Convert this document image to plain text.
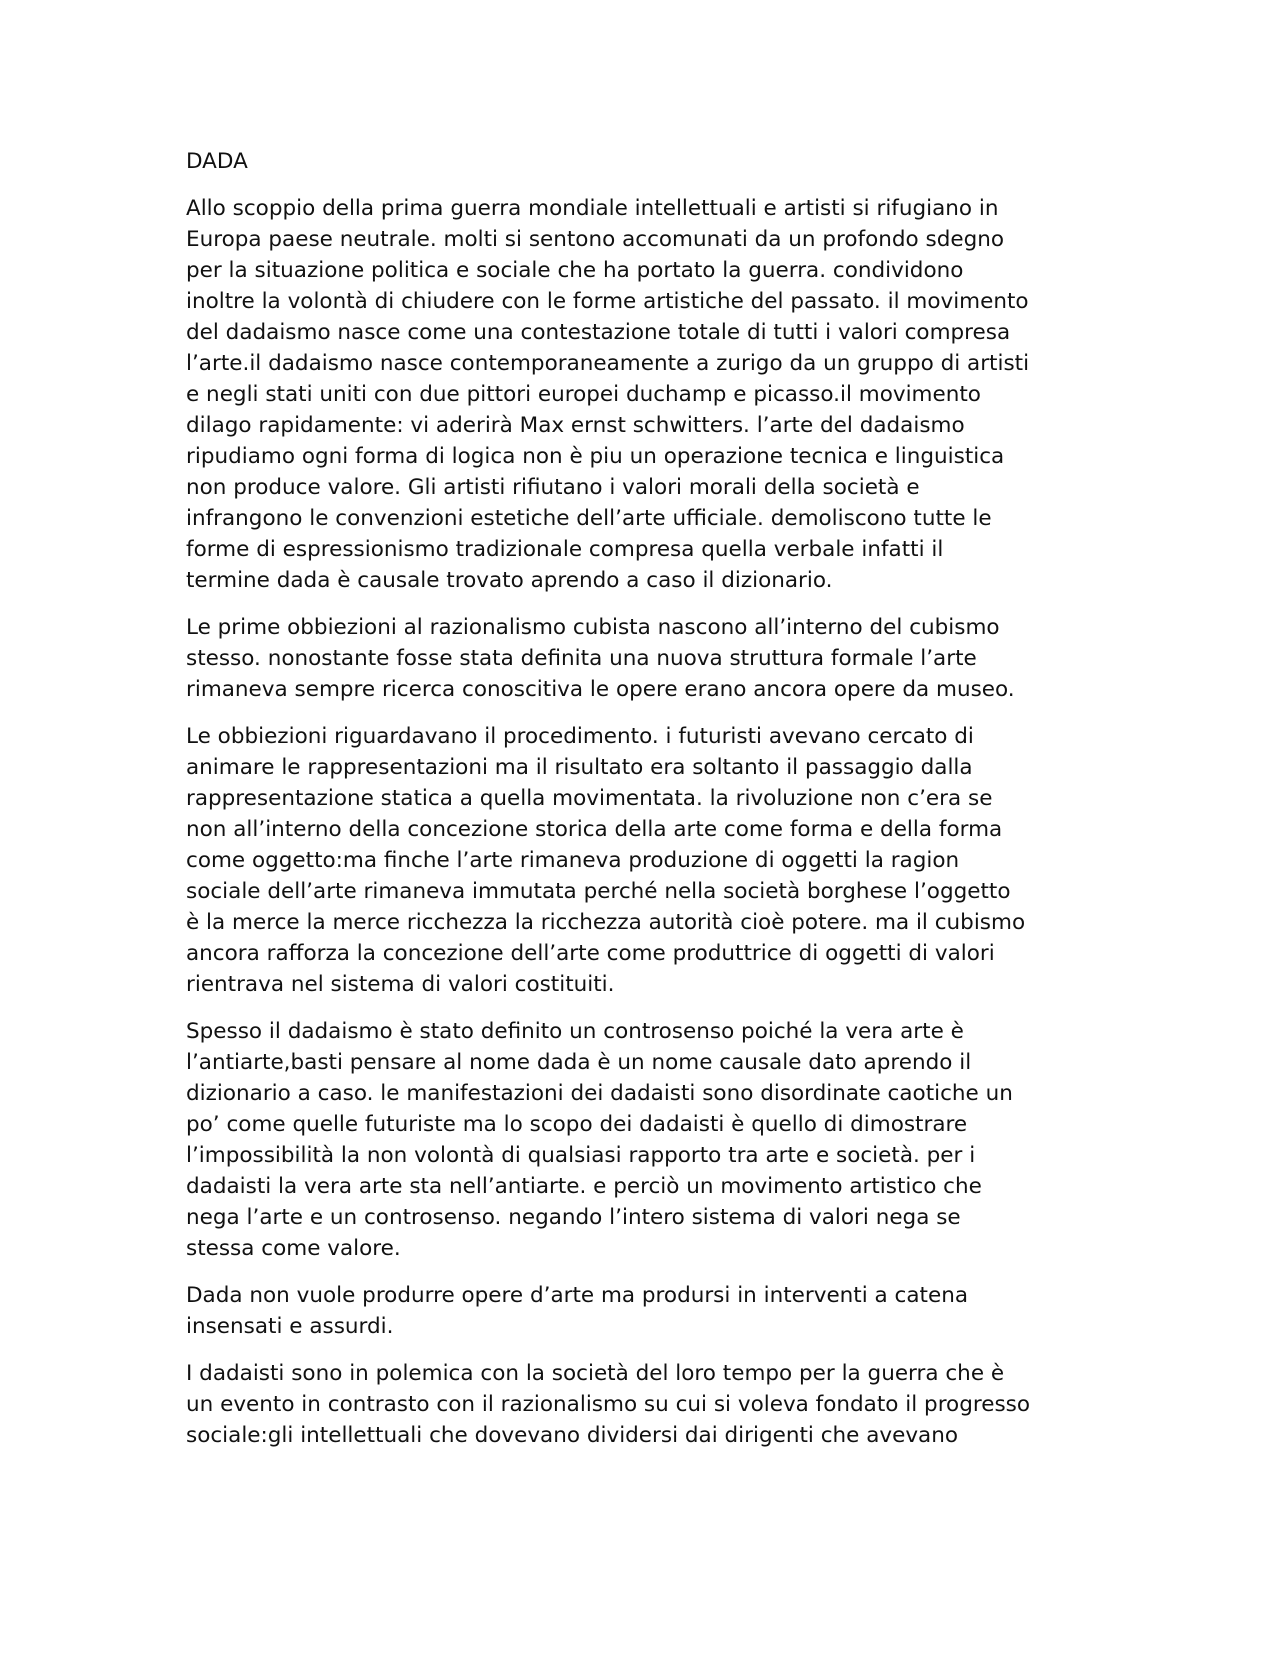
DADA

Allo scoppio della prima guerra mondiale intellettuali e artisti si rifugiano in
Europa paese neutrale. molti si sentono accomunati da un profondo sdegno
per la situazione politica e sociale che ha portato la guerra. condividono
inoltre la volontà di chiudere con le forme artistiche del passato. il movimento
del dadaismo nasce come una contestazione totale di tutti i valori compresa
l’arte.il dadaismo nasce contemporaneamente a zurigo da un gruppo di artisti
e negli stati uniti con due pittori europei duchamp e picasso.il movimento
dilago rapidamente: vi aderirà Max ernst schwitters. l’arte del dadaismo
ripudiamo ogni forma di logica non è piu un operazione tecnica e linguistica
non produce valore. Gli artisti rifiutano i valori morali della società e
infrangono le convenzioni estetiche dell’arte ufficiale. demoliscono tutte le
forme di espressionismo tradizionale compresa quella verbale infatti il
termine dada è causale trovato aprendo a caso il dizionario.

Le prime obbiezioni al razionalismo cubista nascono all’interno del cubismo
stesso. nonostante fosse stata definita una nuova struttura formale l’arte
rimaneva sempre ricerca conoscitiva le opere erano ancora opere da museo.

Le obbiezioni riguardavano il procedimento. i futuristi avevano cercato di
animare le rappresentazioni ma il risultato era soltanto il passaggio dalla
rappresentazione statica a quella movimentata. la rivoluzione non c’era se
non all’interno della concezione storica della arte come forma e della forma
come oggetto:ma finche l’arte rimaneva produzione di oggetti la ragion
sociale dell’arte rimaneva immutata perché nella società borghese l’oggetto
è la merce la merce ricchezza la ricchezza autorità cioè potere. ma il cubismo
ancora rafforza la concezione dell’arte come produttrice di oggetti di valori
rientrava nel sistema di valori costituiti.

Spesso il dadaismo è stato definito un controsenso poiché la vera arte è
l’antiarte,basti pensare al nome dada è un nome causale dato aprendo il
dizionario a caso. le manifestazioni dei dadaisti sono disordinate caotiche un
po’ come quelle futuriste ma lo scopo dei dadaisti è quello di dimostrare
l’impossibilità la non volontà di qualsiasi rapporto tra arte e società. per i
dadaisti la vera arte sta nell’antiarte. e perciò un movimento artistico che
nega l’arte e un controsenso. negando l’intero sistema di valori nega se
stessa come valore.

Dada non vuole produrre opere d’arte ma prodursi in interventi a catena
insensati e assurdi.

I dadaisti sono in polemica con la società del loro tempo per la guerra che è
un evento in contrasto con il razionalismo su cui si voleva fondato il progresso
sociale:gli intellettuali che dovevano dividersi dai dirigenti che avevano
